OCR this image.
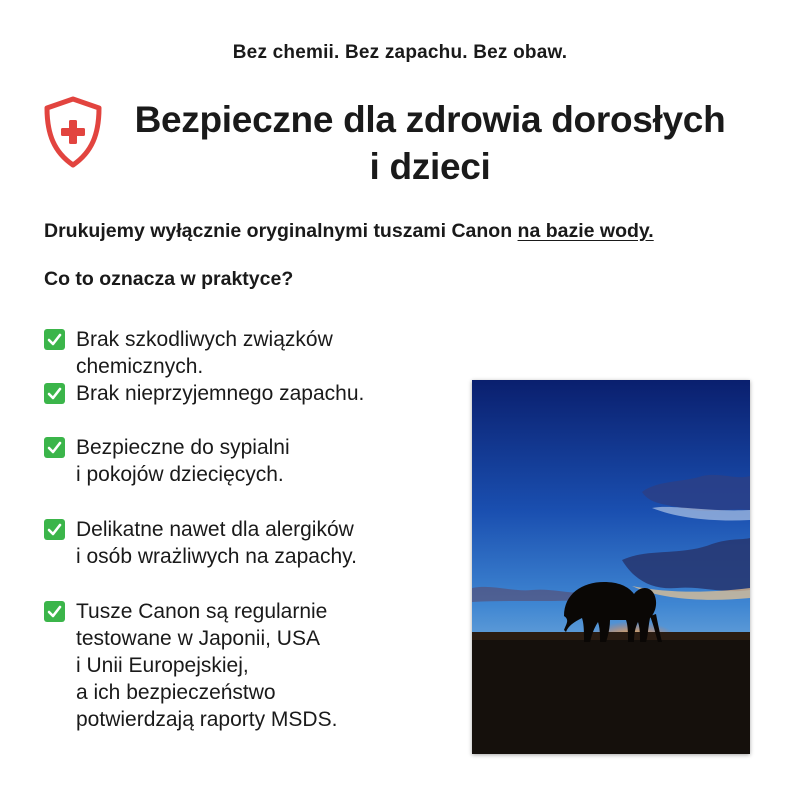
Bez chemii. Bez zapachu. Bez obaw.
Bezpieczne dla zdrowia dorosłych
i dzieci
Drukujemy wyłącznie oryginalnymi tuszami Canon na bazie wody.
Co to oznacza w praktyce?
Brak szkodliwych związków chemicznych.
Brak nieprzyjemnego zapachu.
Bezpieczne do sypialni
i pokojów dziecięcych.
Delikatne nawet dla alergików
i osób wrażliwych na zapachy.
Tusze Canon są regularnie
testowane w Japonii, USA
i Unii Europejskiej,
a ich bezpieczeństwo
potwierdzają raporty MSDS.
